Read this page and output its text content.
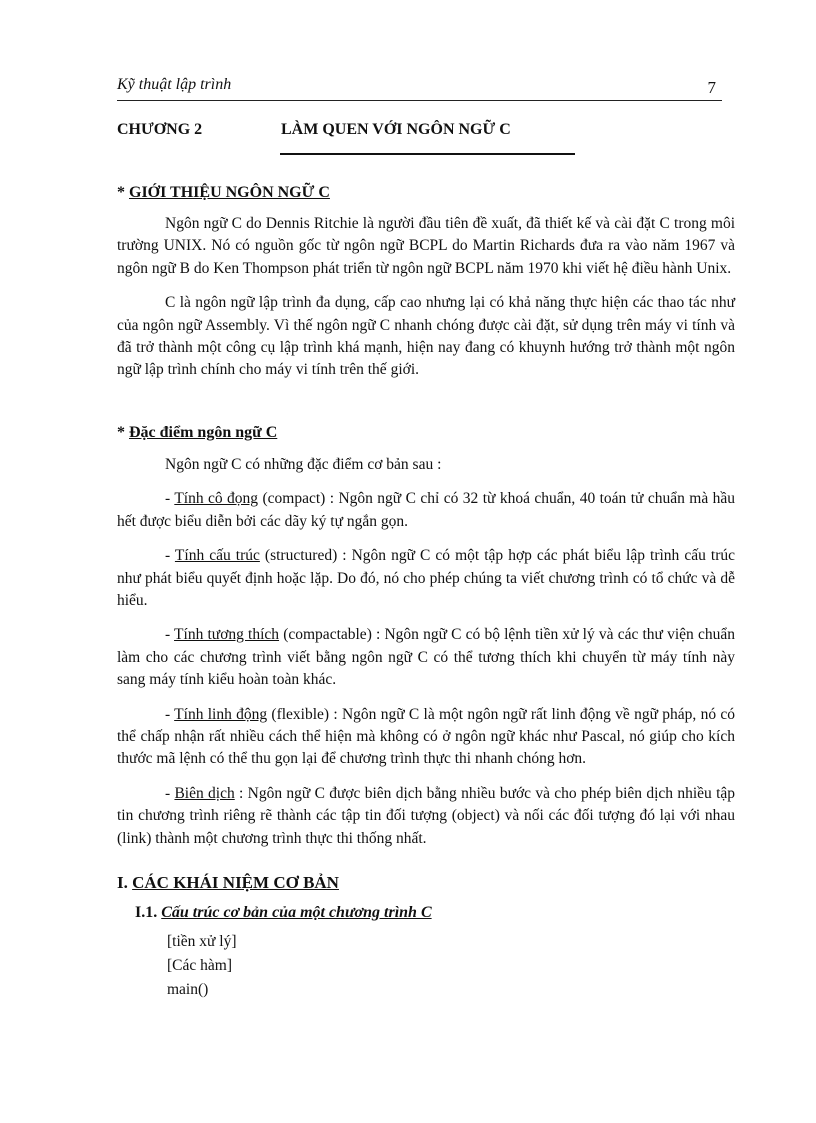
Kỹ thuật lập trình	7
CHƯƠNG 2	LÀM QUEN VỚI NGÔN NGỮ C

* GIỚI THIỆU NGÔN NGỮ C

Ngôn ngữ C do Dennis Ritchie là người đầu tiên đề xuất, đã thiết kế và cài đặt C trong môi trường UNIX. Nó có nguồn gốc từ ngôn ngữ BCPL do Martin Richards đưa ra vào năm 1967 và ngôn ngữ B do Ken Thompson phát triển từ ngôn ngữ BCPL năm 1970 khi viết hệ điều hành Unix.

C là ngôn ngữ lập trình đa dụng, cấp cao nhưng lại có khả năng thực hiện các thao tác như của ngôn ngữ Assembly. Vì thế ngôn ngữ C nhanh chóng được cài đặt, sử dụng trên máy vi tính và đã trở thành một công cụ lập trình khá mạnh, hiện nay đang có khuynh hướng trở thành một ngôn ngữ lập trình chính cho máy vi tính trên thế giới.

* Đặc điểm ngôn ngữ C

Ngôn ngữ C có những đặc điểm cơ bản sau :

- Tính cô đọng (compact) : Ngôn ngữ C chỉ có 32 từ khoá chuẩn, 40 toán tử chuẩn mà hầu hết được biểu diễn bởi các dãy ký tự ngắn gọn.

- Tính cấu trúc (structured) : Ngôn ngữ C có một tập hợp các phát biểu lập trình cấu trúc như phát biểu quyết định hoặc lặp. Do đó, nó cho phép chúng ta viết chương trình có tổ chức và dễ hiểu.

- Tính tương thích (compactable) : Ngôn ngữ C có bộ lệnh tiền xử lý và các thư viện chuẩn làm cho các chương trình viết bằng ngôn ngữ C có thể tương thích khi chuyển từ máy tính này sang máy tính kiểu hoàn toàn khác.

- Tính linh động (flexible) : Ngôn ngữ C là một ngôn ngữ rất linh động về ngữ pháp, nó có thể chấp nhận rất nhiều cách thể hiện mà không có ở ngôn ngữ khác như Pascal, nó giúp cho kích thước mã lệnh có thể thu gọn lại để chương trình thực thi nhanh chóng hơn.

- Biên dịch : Ngôn ngữ C được biên dịch bằng nhiều bước và cho phép biên dịch nhiều tập tin chương trình riêng rẽ thành các tập tin đối tượng (object) và nối các đối tượng đó lại với nhau (link) thành một chương trình thực thi thống nhất.

I. CÁC KHÁI NIỆM CƠ BẢN

I.1. Cấu trúc cơ bản của một chương trình C

[tiền xử lý]

[Các hàm]

main()
